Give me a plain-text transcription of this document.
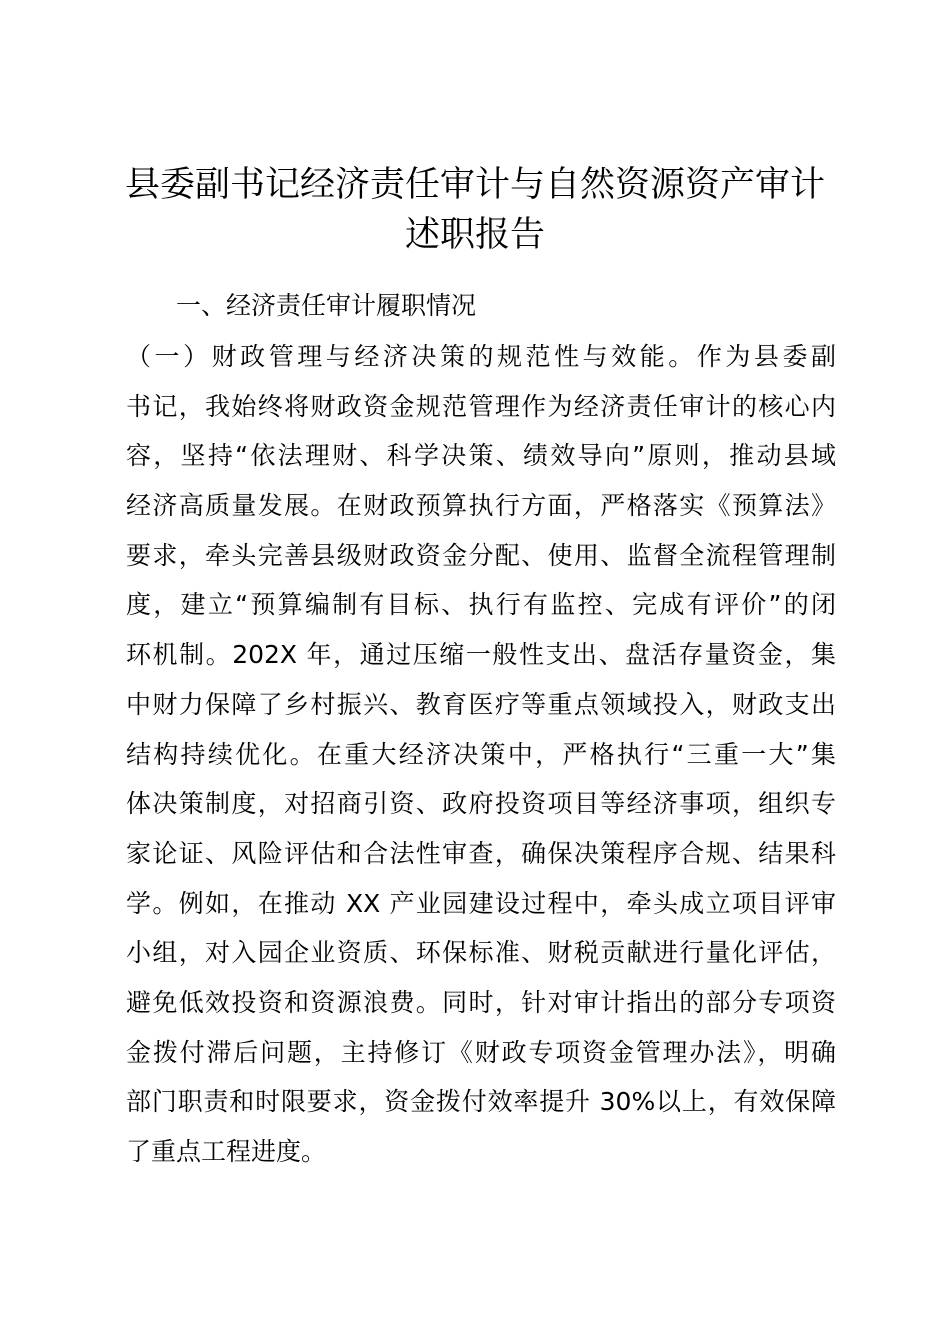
县委副书记经济责任审计与自然资源资产审计
述职报告

一、经济责任审计履职情况

（一）财政管理与经济决策的规范性与效能。作为县委副
书记，我始终将财政资金规范管理作为经济责任审计的核心内
容，坚持“依法理财、科学决策、绩效导向”原则，推动县域
经济高质量发展。在财政预算执行方面，严格落实《预算法》
要求，牵头完善县级财政资金分配、使用、监督全流程管理制
度，建立“预算编制有目标、执行有监控、完成有评价”的闭
环机制。202X 年，通过压缩一般性支出、盘活存量资金，集
中财力保障了乡村振兴、教育医疗等重点领域投入，财政支出
结构持续优化。在重大经济决策中，严格执行“三重一大”集
体决策制度，对招商引资、政府投资项目等经济事项，组织专
家论证、风险评估和合法性审查，确保决策程序合规、结果科
学。例如，在推动 XX 产业园建设过程中，牵头成立项目评审
小组，对入园企业资质、环保标准、财税贡献进行量化评估，
避免低效投资和资源浪费。同时，针对审计指出的部分专项资
金拨付滞后问题，主持修订《财政专项资金管理办法》，明确
部门职责和时限要求，资金拨付效率提升 30%以上，有效保障
了重点工程进度。
